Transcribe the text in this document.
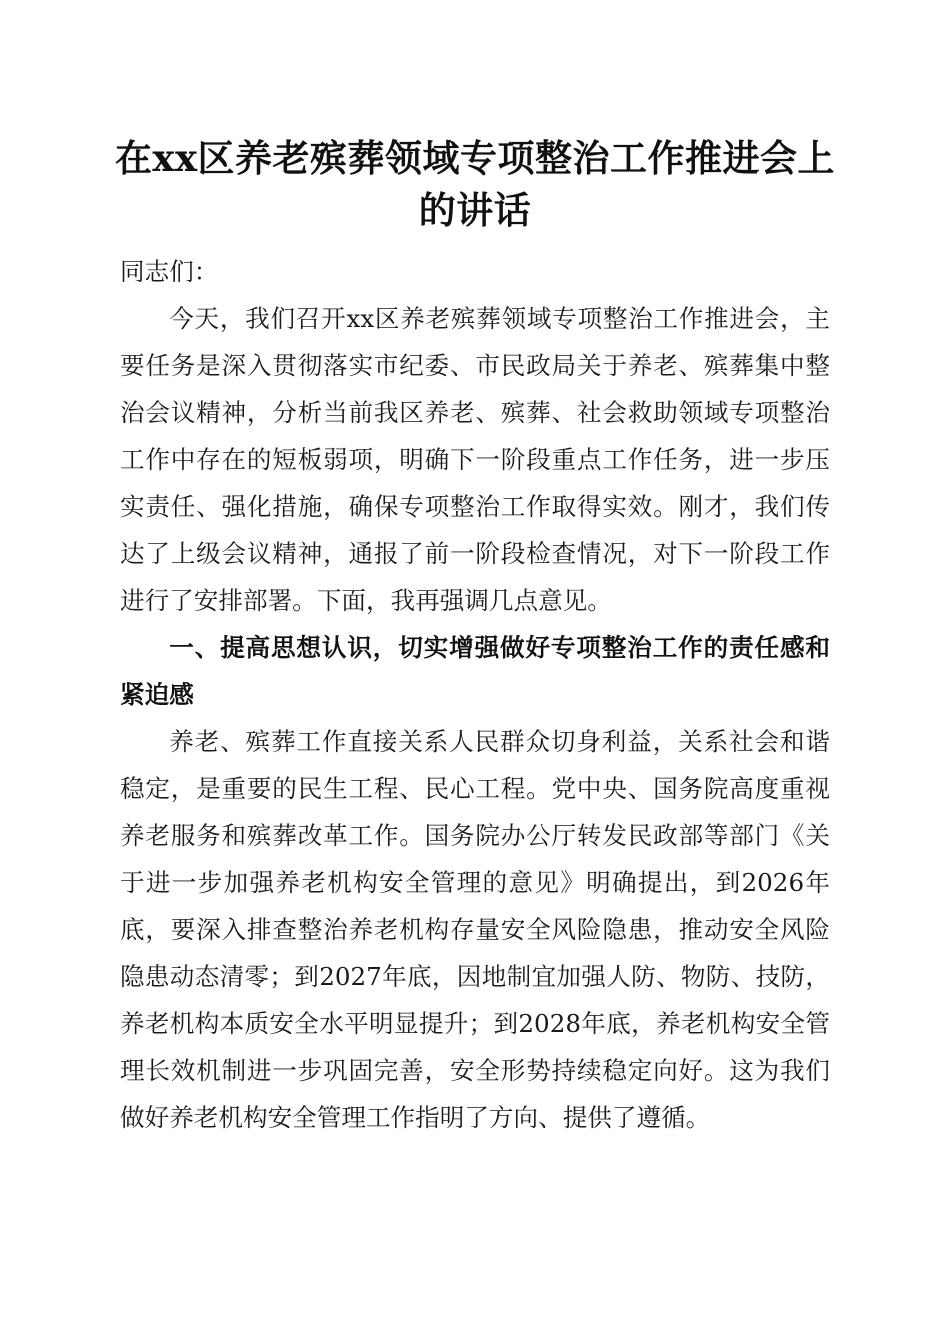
在xx区养老殡葬领域专项整治工作推进会上的讲话

同志们：

今天，我们召开xx区养老殡葬领域专项整治工作推进会，主要任务是深入贯彻落实市纪委、市民政局关于养老、殡葬集中整治会议精神，分析当前我区养老、殡葬、社会救助领域专项整治工作中存在的短板弱项，明确下一阶段重点工作任务，进一步压实责任、强化措施，确保专项整治工作取得实效。刚才，我们传达了上级会议精神，通报了前一阶段检查情况，对下一阶段工作进行了安排部署。下面，我再强调几点意见。

一、提高思想认识，切实增强做好专项整治工作的责任感和紧迫感

养老、殡葬工作直接关系人民群众切身利益，关系社会和谐稳定，是重要的民生工程、民心工程。党中央、国务院高度重视养老服务和殡葬改革工作。国务院办公厅转发民政部等部门《关于进一步加强养老机构安全管理的意见》明确提出，到2026年底，要深入排查整治养老机构存量安全风险隐患，推动安全风险隐患动态清零；到2027年底，因地制宜加强人防、物防、技防，养老机构本质安全水平明显提升；到2028年底，养老机构安全管理长效机制进一步巩固完善，安全形势持续稳定向好。这为我们做好养老机构安全管理工作指明了方向、提供了遵循。
